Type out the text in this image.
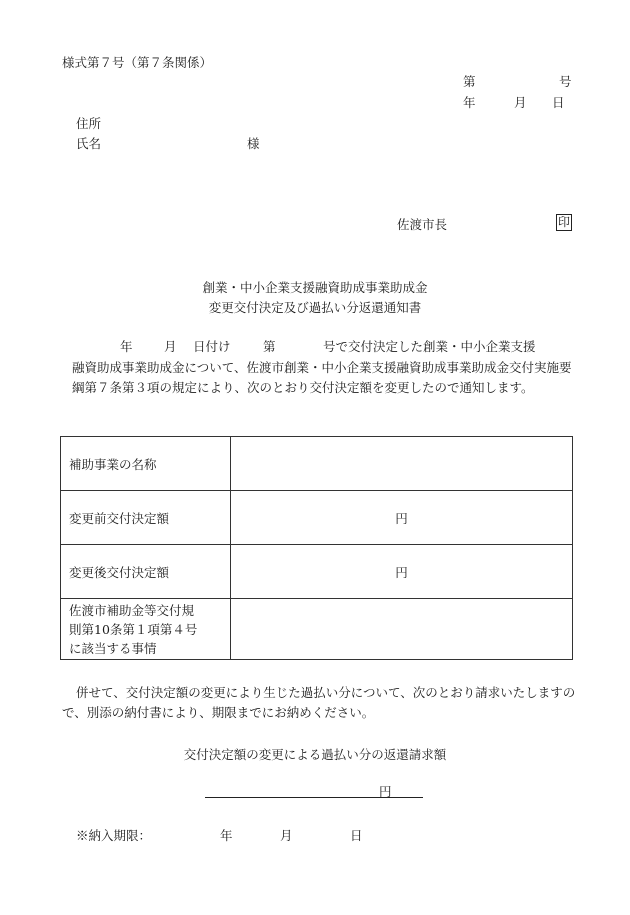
様式第７号（第７条関係）
第	号
年	月 日
住所
氏名	様
佐渡市長	印
創業・中小企業支援融資助成事業助成金
変更交付決定及び過払い分返還通知書
年	月 日付け	第	号で交付決定した創業・中小企業支援
融資助成事業助成金について、佐渡市創業・中小企業支援融資助成事業助成金交付実施要綱第７条第３項の規定により、次のとおり交付決定額を変更したので通知します。
補助事業の名称	
変更前交付決定額	円
変更後交付決定額	円
佐渡市補助金等交付規
則第10条第１項第４号
に該当する事情	
併せて、交付決定額の変更により生じた過払い分について、次のとおり請求いたしますので、別添の納付書により、期限までにお納めください。
交付決定額の変更による過払い分の返還請求額
円
※納入期限：	年	月	日
